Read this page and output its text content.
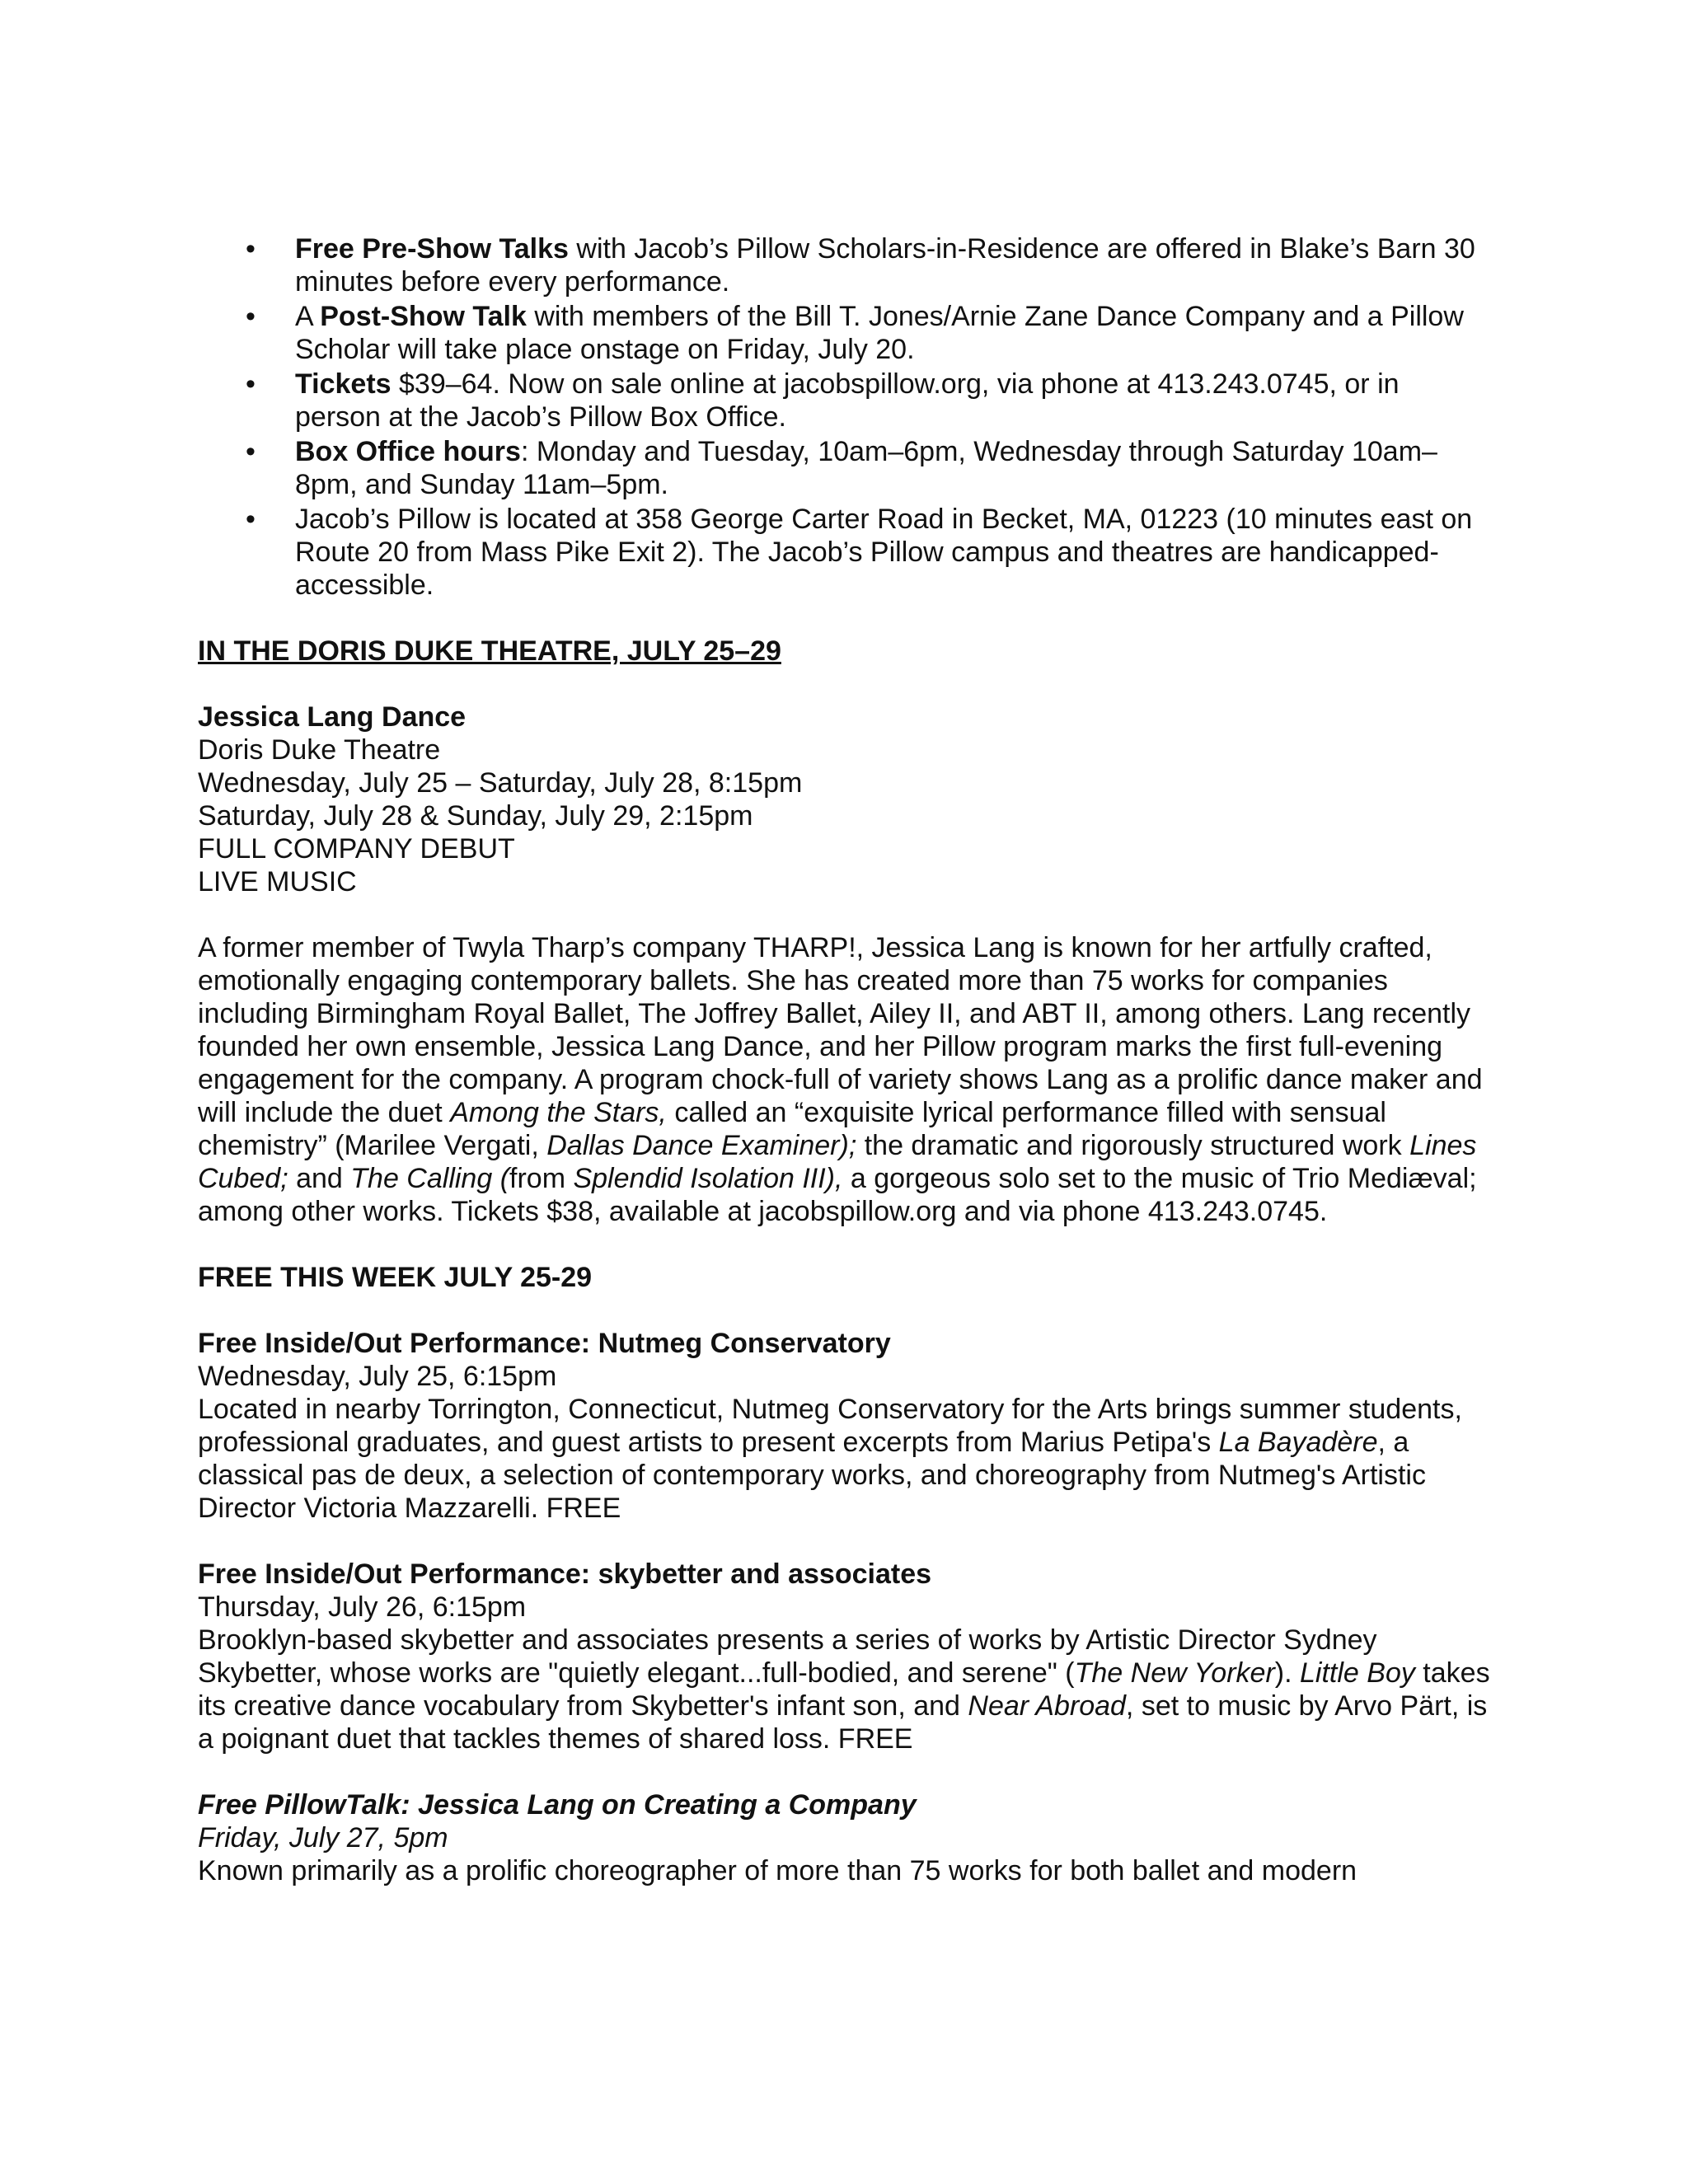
• Free Pre-Show Talks with Jacob’s Pillow Scholars-in-Residence are offered in Blake’s Barn 30 minutes before every performance.
• A Post-Show Talk with members of the Bill T. Jones/Arnie Zane Dance Company and a Pillow Scholar will take place onstage on Friday, July 20.
• Tickets $39–64. Now on sale online at jacobspillow.org, via phone at 413.243.0745, or in person at the Jacob’s Pillow Box Office.
• Box Office hours: Monday and Tuesday, 10am–6pm, Wednesday through Saturday 10am–8pm, and Sunday 11am–5pm.
• Jacob’s Pillow is located at 358 George Carter Road in Becket, MA, 01223 (10 minutes east on Route 20 from Mass Pike Exit 2). The Jacob’s Pillow campus and theatres are handicapped-accessible.
IN THE DORIS DUKE THEATRE, JULY 25–29

Jessica Lang Dance

Doris Duke Theatre

Wednesday, July 25 – Saturday, July 28, 8:15pm

Saturday, July 28 & Sunday, July 29, 2:15pm

FULL COMPANY DEBUT

LIVE MUSIC

A former member of Twyla Tharp’s company THARP!, Jessica Lang is known for her artfully crafted, emotionally engaging contemporary ballets. She has created more than 75 works for companies including Birmingham Royal Ballet, The Joffrey Ballet, Ailey II, and ABT II, among others. Lang recently founded her own ensemble, Jessica Lang Dance, and her Pillow program marks the first full-evening engagement for the company. A program chock-full of variety shows Lang as a prolific dance maker and will include the duet Among the Stars, called an “exquisite lyrical performance filled with sensual chemistry” (Marilee Vergati, Dallas Dance Examiner); the dramatic and rigorously structured work Lines Cubed; and The Calling (from Splendid Isolation III), a gorgeous solo set to the music of Trio Mediæval; among other works. Tickets $38, available at jacobspillow.org and via phone 413.243.0745.

FREE THIS WEEK JULY 25-29

Free Inside/Out Performance: Nutmeg Conservatory

Wednesday, July 25, 6:15pm

Located in nearby Torrington, Connecticut, Nutmeg Conservatory for the Arts brings summer students, professional graduates, and guest artists to present excerpts from Marius Petipa's La Bayadère, a classical pas de deux, a selection of contemporary works, and choreography from Nutmeg's Artistic Director Victoria Mazzarelli. FREE

Free Inside/Out Performance: skybetter and associates

Thursday, July 26, 6:15pm

Brooklyn-based skybetter and associates presents a series of works by Artistic Director Sydney Skybetter, whose works are "quietly elegant...full-bodied, and serene" (The New Yorker). Little Boy takes its creative dance vocabulary from Skybetter's infant son, and Near Abroad, set to music by Arvo Pärt, is a poignant duet that tackles themes of shared loss. FREE

Free PillowTalk: Jessica Lang on Creating a Company

Friday, July 27, 5pm

Known primarily as a prolific choreographer of more than 75 works for both ballet and modern
